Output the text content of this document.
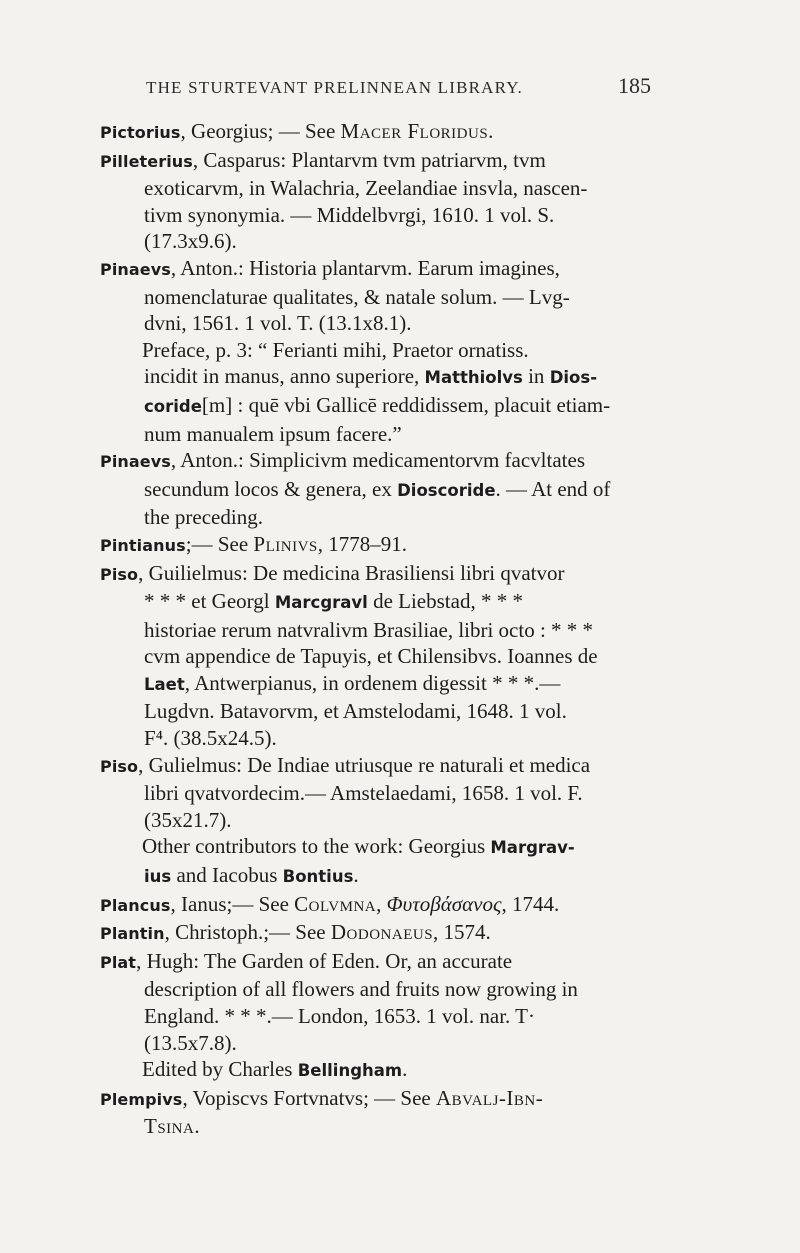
THE STURTEVANT PRELINNEAN LIBRARY.	185
Pictorius, Georgius; — See Macer Floridus.
Pilleterius, Casparus: Plantarvm tvm patriarvm, tvm
exoticarvm, in Walachria, Zeelandiae insvla, nascen-
tivm synonymia. — Middelbvrgi, 1610. 1 vol. S.
(17.3x9.6).
Pinaevs, Anton.: Historia plantarvm. Earum imagines,
nomenclaturae qualitates, & natale solum. — Lvg-
dvni, 1561. 1 vol. T. (13.1x8.1).
Preface, p. 3: “ Ferianti mihi, Praetor ornatiss.
incidit in manus, anno superiore, Matthiolvs in Dios-
coride[m] : quē vbi Gallicē reddidissem, placuit etiam-
num manualem ipsum facere.”
Pinaevs, Anton.: Simplicivm medicamentorvm facvltates
secundum locos & genera, ex Dioscoride. — At end of
the preceding.
Pintianus;— See Plinivs, 1778–91.
Piso, Guilielmus: De medicina Brasiliensi libri qvatvor
* * * et Georgl Marcgravl de Liebstad, * * *
historiae rerum natvralivm Brasiliae, libri octo : * * *
cvm appendice de Tapuyis, et Chilensibvs. Ioannes de
Laet, Antwerpianus, in ordenem digessit * * *.—
Lugdvn. Batavorvm, et Amstelodami, 1648. 1 vol.
F⁴. (38.5x24.5).
Piso, Gulielmus: De Indiae utriusque re naturali et medica
libri qvatvordecim.— Amstelaedami, 1658. 1 vol. F.
(35x21.7).
Other contributors to the work: Georgius Margrav-
ius and Iacobus Bontius.
Plancus, Ianus;— See Colvmna, Φυτοβάσανος, 1744.
Plantin, Christoph.;— See Dodonaeus, 1574.
Plat, Hugh: The Garden of Eden. Or, an accurate
description of all flowers and fruits now growing in
England. * * *.— London, 1653. 1 vol. nar. T·
(13.5x7.8).
Edited by Charles Bellingham.
Plempivs, Vopiscvs Fortvnatvs; — See Abvalj-Ibn-
Tsina.
